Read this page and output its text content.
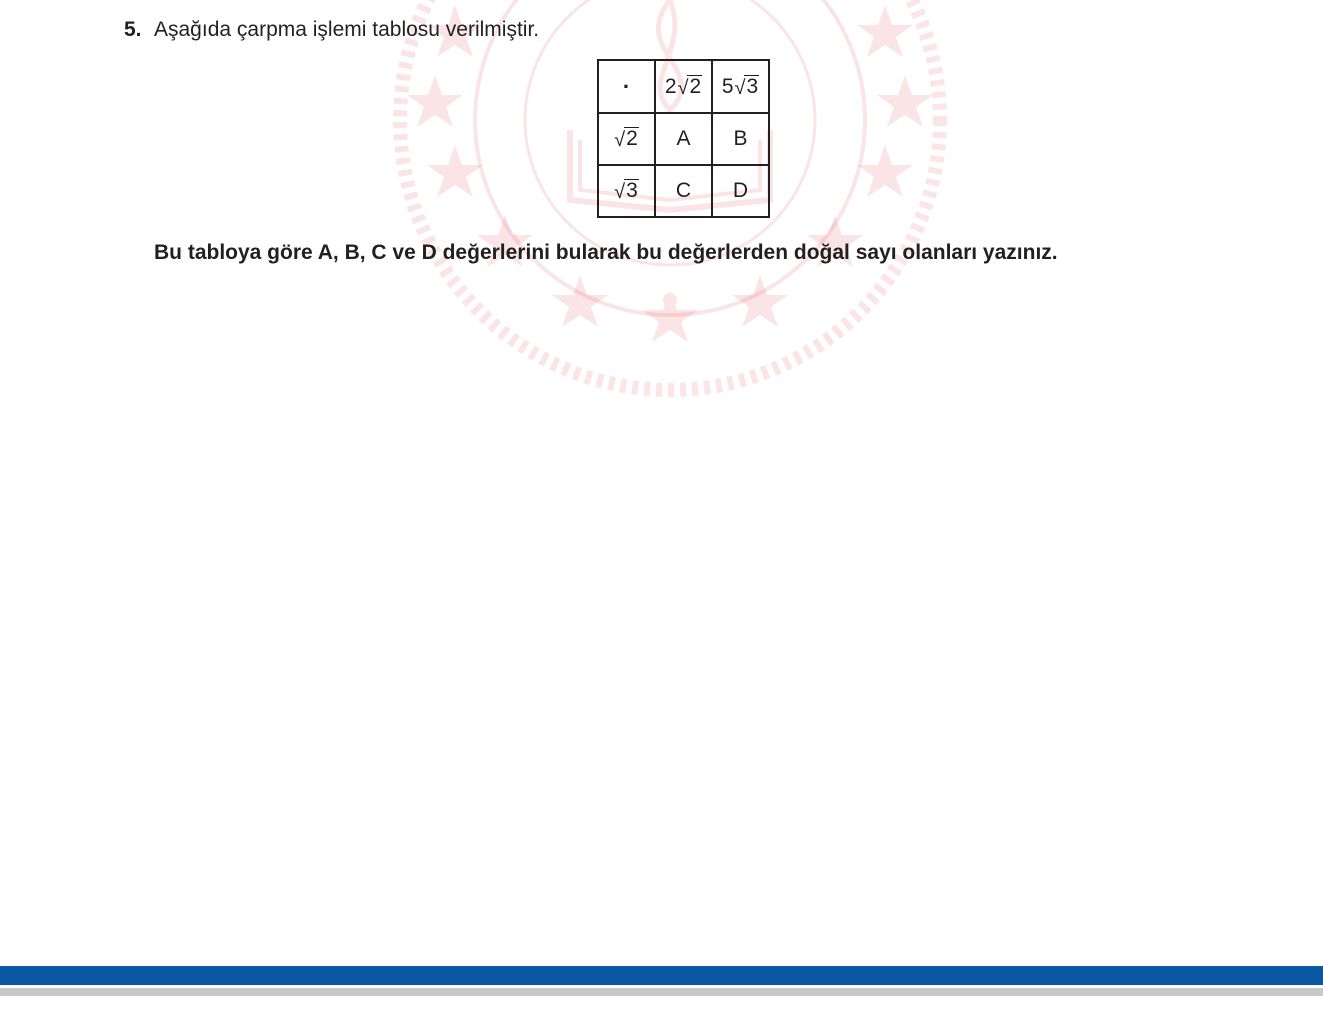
5. Aşağıda çarpma işlemi tablosu verilmiştir.
·	2√2	5√3
√2	A	B
√3	C	D
Bu tabloya göre A, B, C ve D değerlerini bularak bu değerlerden doğal sayı olanları yazınız.
